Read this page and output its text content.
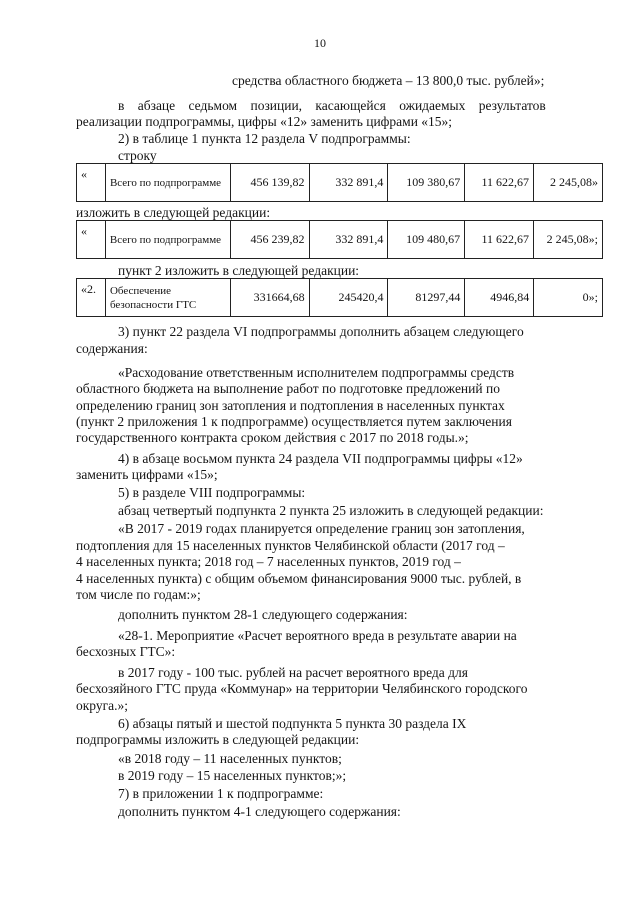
10
средства областного бюджета – 13 800,0 тыс. рублей»;
в абзаце седьмом позиции, касающейся ожидаемых результатов
реализации подпрограммы, цифры «12» заменить цифрами «15»;
2) в таблице 1 пункта 12 раздела V подпрограммы:
строку
«	Всего по подпрограмме	456 139,82	332 891,4	109 380,67	11 622,67	2 245,08»
изложить в следующей редакции:
«	Всего по подпрограмме	456 239,82	332 891,4	109 480,67	11 622,67	2 245,08»;
пункт 2 изложить в следующей редакции:
«2.	Обеспечение безопасности ГТС	331664,68	245420,4	81297,44	4946,84	0»;
3) пункт 22 раздела VI подпрограммы дополнить абзацем следующего
содержания:
«Расходование ответственным исполнителем подпрограммы средств
областного бюджета на выполнение работ по подготовке предложений по
определению границ зон затопления и подтопления в населенных пунктах
(пункт 2 приложения 1 к подпрограмме) осуществляется путем заключения
государственного контракта сроком действия с 2017 по 2018 годы.»;
4) в абзаце восьмом пункта 24 раздела VII подпрограммы цифры «12»
заменить цифрами «15»;
5) в разделе VIII подпрограммы:
абзац четвертый подпункта 2 пункта 25 изложить в следующей редакции:
«В 2017 - 2019 годах планируется определение границ зон затопления,
подтопления для 15 населенных пунктов Челябинской области (2017 год –
4 населенных пункта; 2018 год – 7 населенных пунктов, 2019 год –
4 населенных пункта) с общим объемом финансирования 9000 тыс. рублей, в
том числе по годам:»;
дополнить пунктом 28-1 следующего содержания:
«28-1. Мероприятие «Расчет вероятного вреда в результате аварии на
бесхозных ГТС»:
в 2017 году - 100 тыс. рублей на расчет вероятного вреда для
бесхозяйного ГТС пруда «Коммунар» на территории Челябинского городского
округа.»;
6) абзацы пятый и шестой подпункта 5 пункта 30 раздела IX
подпрограммы изложить в следующей редакции:
«в 2018 году – 11 населенных пунктов;
в 2019 году – 15 населенных пунктов;»;
7) в приложении 1 к подпрограмме:
дополнить пунктом 4-1 следующего содержания:
